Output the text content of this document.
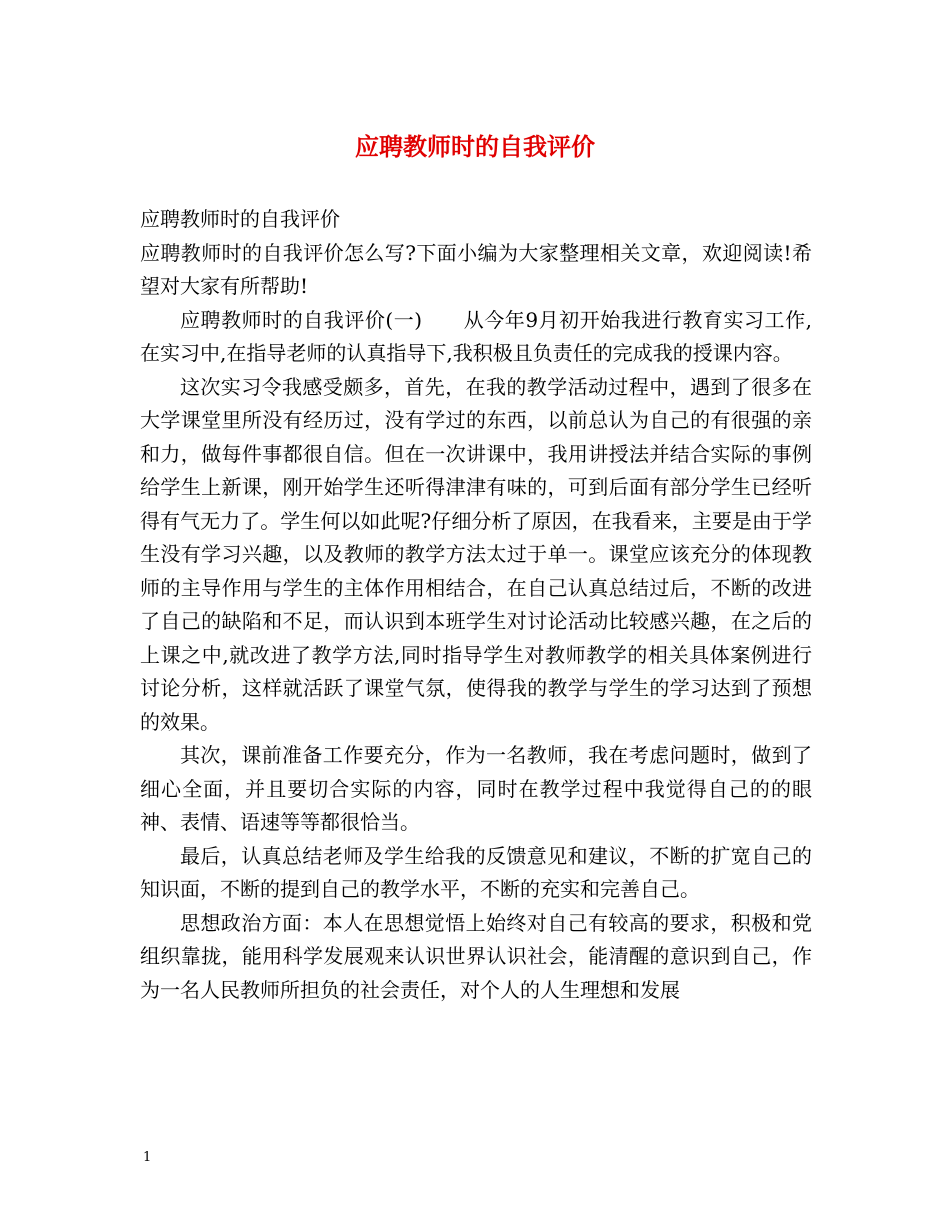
应聘教师时的自我评价

应聘教师时的自我评价

应聘教师时的自我评价怎么写?下面小编为大家整理相关文章，欢迎阅读!希望对大家有所帮助!

应聘教师时的自我评价(一)　　从今年9月初开始我进行教育实习工作,在实习中,在指导老师的认真指导下,我积极且负责任的完成我的授课内容。

这次实习令我感受颇多，首先，在我的教学活动过程中，遇到了很多在大学课堂里所没有经历过，没有学过的东西，以前总认为自己的有很强的亲和力，做每件事都很自信。但在一次讲课中，我用讲授法并结合实际的事例给学生上新课，刚开始学生还听得津津有味的，可到后面有部分学生已经听得有气无力了。学生何以如此呢?仔细分析了原因，在我看来，主要是由于学生没有学习兴趣，以及教师的教学方法太过于单一。课堂应该充分的体现教师的主导作用与学生的主体作用相结合，在自己认真总结过后，不断的改进了自己的缺陷和不足，而认识到本班学生对讨论活动比较感兴趣，在之后的上课之中,就改进了教学方法,同时指导学生对教师教学的相关具体案例进行讨论分析，这样就活跃了课堂气氛，使得我的教学与学生的学习达到了预想的效果。

其次，课前准备工作要充分，作为一名教师，我在考虑问题时，做到了细心全面，并且要切合实际的内容，同时在教学过程中我觉得自己的的眼神、表情、语速等等都很恰当。

最后，认真总结老师及学生给我的反馈意见和建议，不断的扩宽自己的知识面，不断的提到自己的教学水平，不断的充实和完善自己。

思想政治方面：本人在思想觉悟上始终对自己有较高的要求，积极和党组织靠拢，能用科学发展观来认识世界认识社会，能清醒的意识到自己，作为一名人民教师所担负的社会责任，对个人的人生理想和发展

1
